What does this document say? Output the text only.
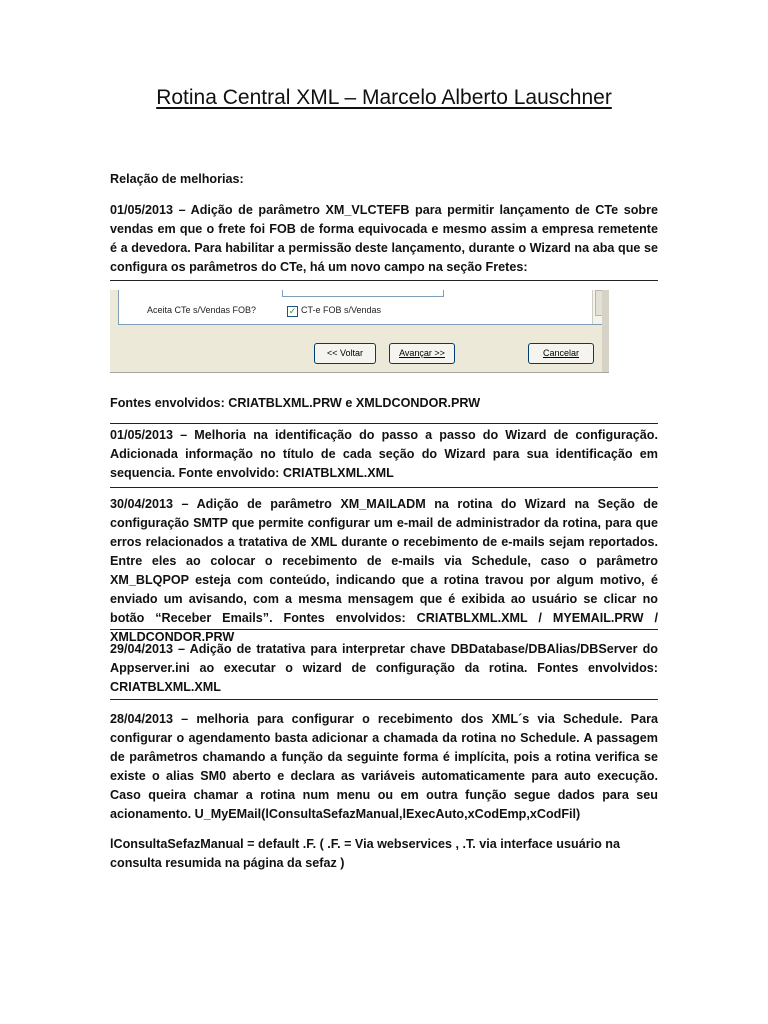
Rotina Central XML – Marcelo Alberto Lauschner
Relação de melhorias:
01/05/2013 – Adição de parâmetro XM_VLCTEFB para permitir lançamento de CTe sobre vendas em que o frete foi FOB de forma equivocada e mesmo assim a empresa remetente é a devedora. Para habilitar a permissão deste lançamento, durante o Wizard na aba que se configura os parâmetros do CTe, há um novo campo na seção Fretes:
Aceita CTe s/Vendas FOB?	✓ CT-e FOB s/Vendas
<< Voltar	Avançar >>	Cancelar
Fontes envolvidos: CRIATBLXML.PRW e XMLDCONDOR.PRW
01/05/2013 – Melhoria na identificação do passo a passo do Wizard de configuração. Adicionada informação no título de cada seção do Wizard para sua identificação em sequencia. Fonte envolvido: CRIATBLXML.XML
30/04/2013 – Adição de parâmetro XM_MAILADM na rotina do Wizard na Seção de configuração SMTP que permite configurar um e-mail de administrador da rotina, para que erros relacionados a tratativa de XML durante o recebimento de e-mails sejam reportados. Entre eles ao colocar o recebimento de e-mails via Schedule, caso o parâmetro XM_BLQPOP esteja com conteúdo, indicando que a rotina travou por algum motivo, é enviado um avisando, com a mesma mensagem que é exibida ao usuário se clicar no botão “Receber Emails”. Fontes envolvidos: CRIATBLXML.XML / MYEMAIL.PRW / XMLDCONDOR.PRW
29/04/2013 – Adição de tratativa para interpretar chave DBDatabase/DBAlias/DBServer do Appserver.ini ao executar o wizard de configuração da rotina. Fontes envolvidos: CRIATBLXML.XML
28/04/2013 – melhoria para configurar o recebimento dos XML´s via Schedule. Para configurar o agendamento basta adicionar a chamada da rotina no Schedule. A passagem de parâmetros chamando a função da seguinte forma é implícita, pois a rotina verifica se existe o alias SM0 aberto e declara as variáveis automaticamente para auto execução. Caso queira chamar a rotina num menu ou em outra função segue dados para seu acionamento. U_MyEMail(lConsultaSefazManual,lExecAuto,xCodEmp,xCodFil)
lConsultaSefazManual = default .F. ( .F. = Via webservices , .T. via interface usuário na consulta resumida na página da sefaz )
